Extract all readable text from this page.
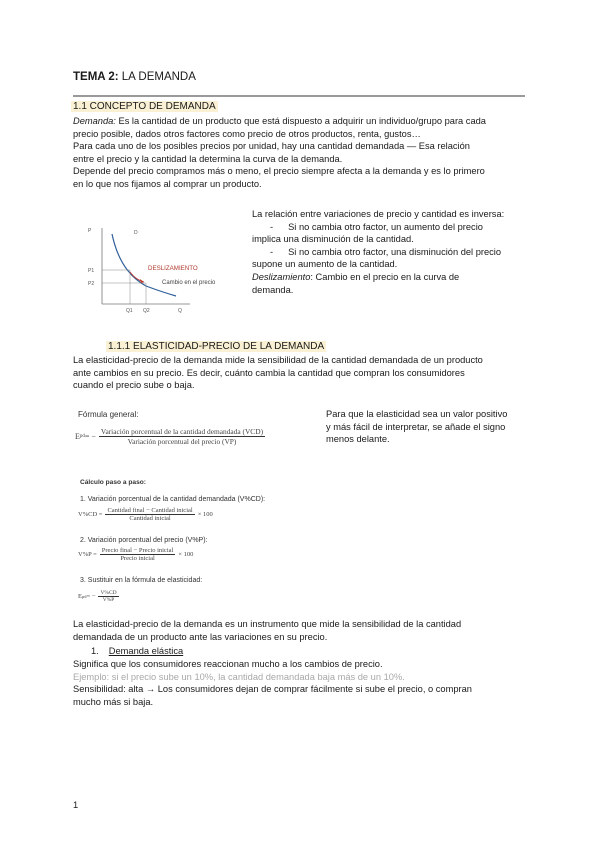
TEMA 2: LA DEMANDA
1.1 CONCEPTO DE DEMANDA
Demanda: Es la cantidad de un producto que está dispuesto a adquirir un individuo/grupo para cada
precio posible, dados otros factores como precio de otros productos, renta, gustos…
Para cada uno de los posibles precios por unidad, hay una cantidad demandada — Esa relación
entre el precio y la cantidad la determina la curva de la demanda.
Depende del precio compramos más o meno, el precio siempre afecta a la demanda y es lo primero
en lo que nos fijamos al comprar un producto.
P	D
P1
P2
Q1 Q2	Q
DESLIZAMIENTO
Cambio en el precio
La relación entre variaciones de precio y cantidad es inversa:
- Si no cambia otro factor, un aumento del precio
implica una disminución de la cantidad.
- Si no cambia otro factor, una disminución del precio
supone un aumento de la cantidad.
Deslizamiento: Cambio en el precio en la curva de
demanda.
1.1.1 ELASTICIDAD-PRECIO DE LA DEMANDA
La elasticidad-precio de la demanda mide la sensibilidad de la cantidad demandada de un producto
ante cambios en su precio. Es decir, cuánto cambia la cantidad que compran los consumidores
cuando el precio sube o baja.
Fórmula general:
E pd = − $\frac{\text{Variación porcentual de la cantidad demandada (VCD)}}{\text{Variación porcentual del precio (VP)}}$
Para que la elasticidad sea un valor positivo
y más fácil de interpretar, se añade el signo
menos delante.
Cálculo paso a paso:
1. Variación porcentual de la cantidad demandada (V%CD):
$V\%CD = \frac{\text{Cantidad final − Cantidad inicial}}{\text{Cantidad inicial}} \times 100$
2. Variación porcentual del precio (V%P):
$V\%P = \frac{\text{Precio final − Precio inicial}}{\text{Precio inicial}} \times 100$
3. Sustituir en la fórmula de elasticidad:
E pd = − $\frac{V\%CD}{V\%P}$
La elasticidad-precio de la demanda es un instrumento que mide la sensibilidad de la cantidad
demandada de un producto ante las variaciones en su precio.
1. Demanda elástica
Significa que los consumidores reaccionan mucho a los cambios de precio.
Ejemplo: si el precio sube un 10%, la cantidad demandada baja más de un 10%.
Sensibilidad: alta → Los consumidores dejan de comprar fácilmente si sube el precio, o compran
mucho más si baja.
1
